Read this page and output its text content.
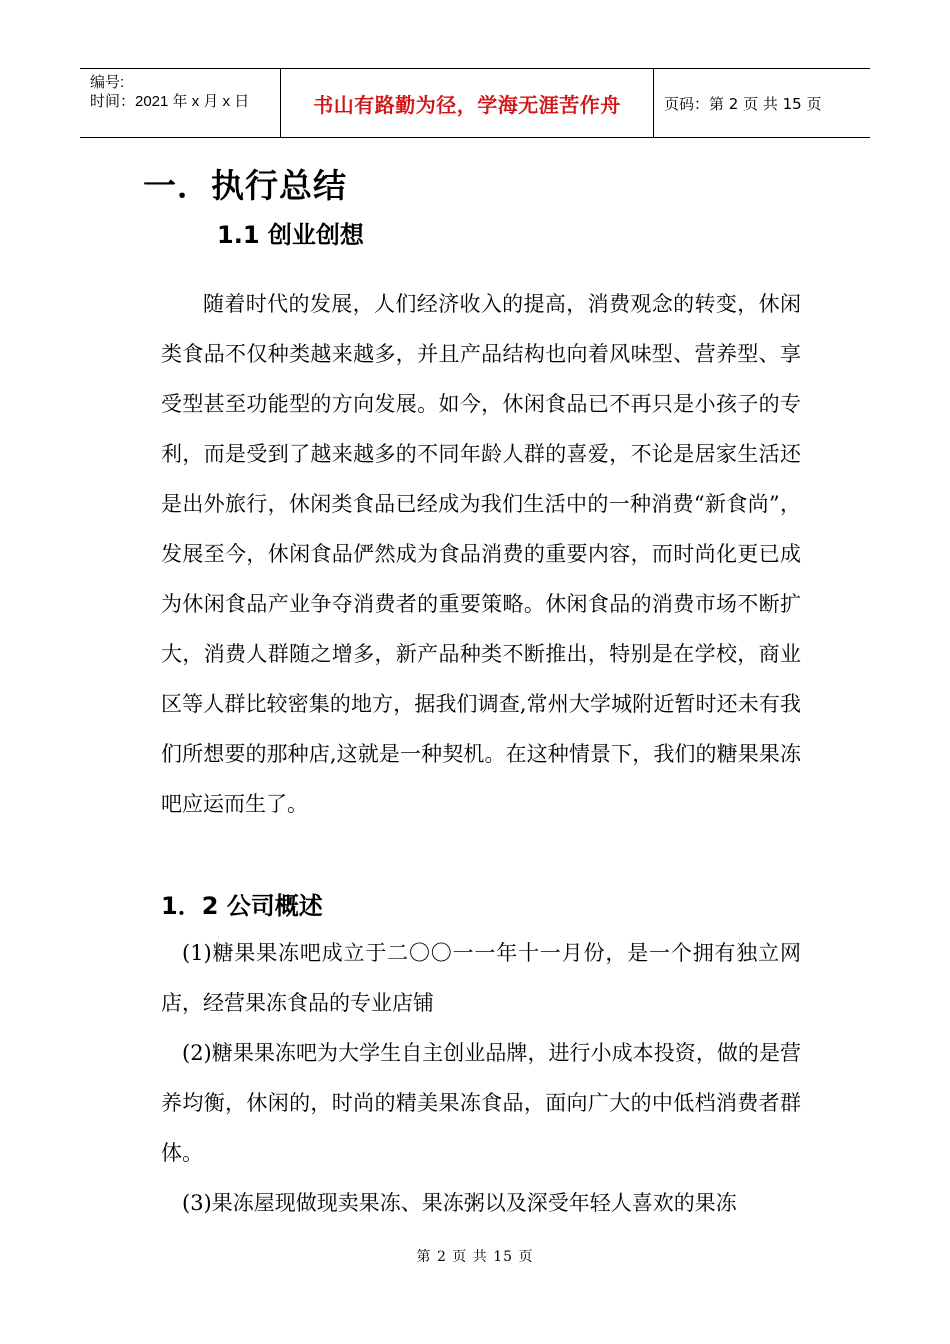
编号:
时间：2021 年 x 月 x 日	书山有路勤为径，学海无涯苦作舟	页码：第 2 页 共 15 页
一．执行总结
1.1 创业创想

随着时代的发展，人们经济收入的提高，消费观念的转变，休闲类食品不仅种类越来越多，并且产品结构也向着风味型、营养型、享受型甚至功能型的方向发展。如今，休闲食品已不再只是小孩子的专利，而是受到了越来越多的不同年龄人群的喜爱，不论是居家生活还是出外旅行，休闲类食品已经成为我们生活中的一种消费“新食尚”，发展至今，休闲食品俨然成为食品消费的重要内容，而时尚化更已成为休闲食品产业争夺消费者的重要策略。休闲食品的消费市场不断扩大，消费人群随之增多，新产品种类不断推出，特别是在学校，商业区等人群比较密集的地方，据我们调查,常州大学城附近暂时还未有我们所想要的那种店,这就是一种契机。在这种情景下，我们的糖果果冻吧应运而生了。

1．2 公司概述

(1)糖果果冻吧成立于二〇〇一一年十一月份，是一个拥有独立网店，经营果冻食品的专业店铺

(2)糖果果冻吧为大学生自主创业品牌，进行小成本投资，做的是营养均衡，休闲的，时尚的精美果冻食品，面向广大的中低档消费者群体。

(3)果冻屋现做现卖果冻、果冻粥以及深受年轻人喜欢的果冻

第 2 页 共 15 页
